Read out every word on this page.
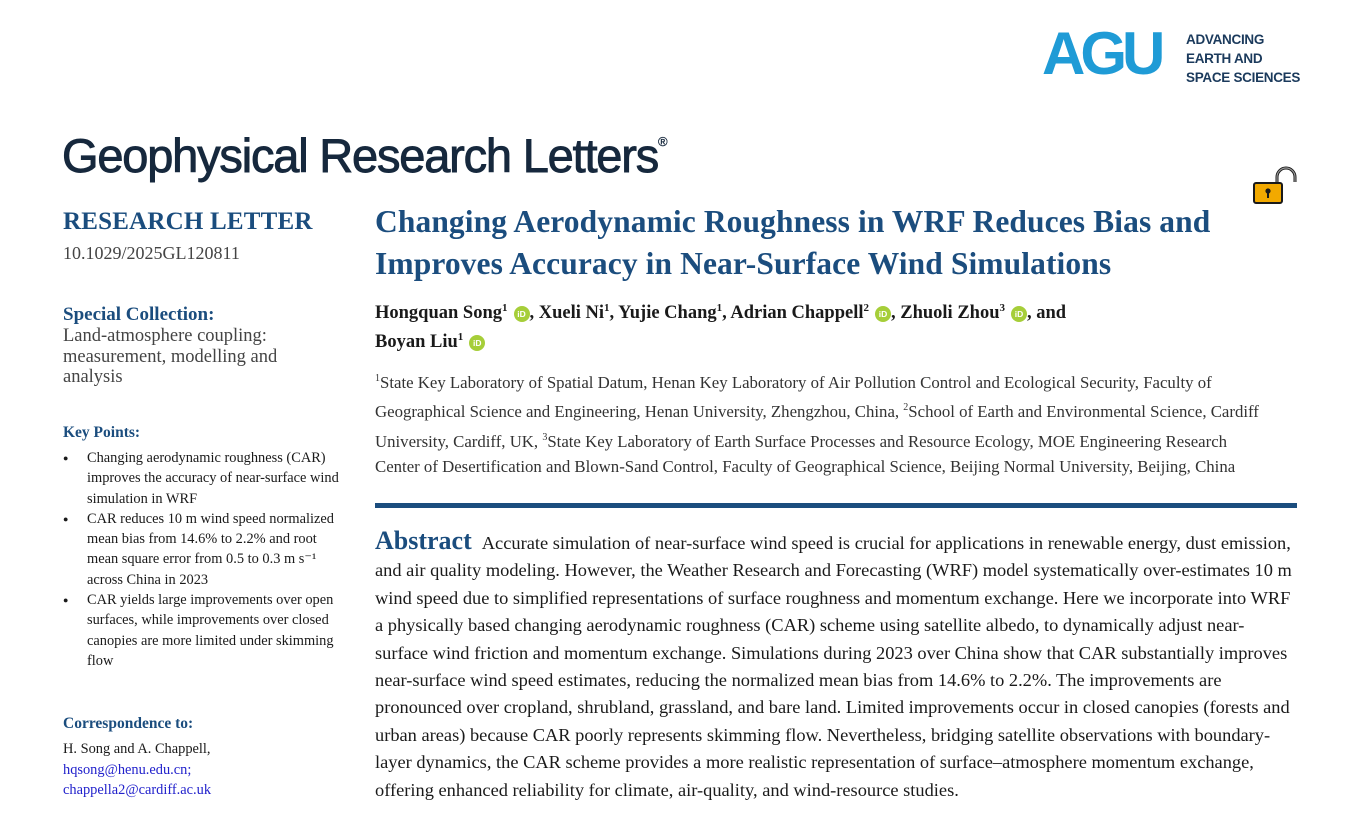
AGU ADVANCING
EARTH AND
SPACE SCIENCES
Geophysical Research Letters®
RESEARCH LETTER
10.1029/2025GL120811
Special Collection:
Land-atmosphere coupling: measurement, modelling and analysis
Key Points:
● Changing aerodynamic roughness (CAR) improves the accuracy of near-surface wind simulation in WRF
● CAR reduces 10 m wind speed normalized mean bias from 14.6% to 2.2% and root mean square error from 0.5 to 0.3 m s⁻¹ across China in 2023
● CAR yields large improvements over open surfaces, while improvements over closed canopies are more limited under skimming flow
Correspondence to:
H. Song and A. Chappell,
hqsong@henu.edu.cn;
chappella2@cardiff.ac.uk
Changing Aerodynamic Roughness in WRF Reduces Bias and Improves Accuracy in Near-Surface Wind Simulations
Hongquan Song$^1$ iD , Xueli Ni$^1$, Yujie Chang$^1$, Adrian Chappell$^2$ iD , Zhuoli Zhou$^3$ iD , and
Boyan Liu$^1$ iD
$^1$State Key Laboratory of Spatial Datum, Henan Key Laboratory of Air Pollution Control and Ecological Security, Faculty of Geographical Science and Engineering, Henan University, Zhengzhou, China, $^2$School of Earth and Environmental Science, Cardiff University, Cardiff, UK, $^3$State Key Laboratory of Earth Surface Processes and Resource Ecology, MOE Engineering Research Center of Desertification and Blown-Sand Control, Faculty of Geographical Science, Beijing Normal University, Beijing, China
Abstract Accurate simulation of near-surface wind speed is crucial for applications in renewable energy, dust emission, and air quality modeling. However, the Weather Research and Forecasting (WRF) model systematically over-estimates 10 m wind speed due to simplified representations of surface roughness and momentum exchange. Here we incorporate into WRF a physically based changing aerodynamic roughness (CAR) scheme using satellite albedo, to dynamically adjust near-surface wind friction and momentum exchange. Simulations during 2023 over China show that CAR substantially improves near-surface wind speed estimates, reducing the normalized mean bias from 14.6% to 2.2%. The improvements are pronounced over cropland, shrubland, grassland, and bare land. Limited improvements occur in closed canopies (forests and urban areas) because CAR poorly represents skimming flow. Nevertheless, bridging satellite observations with boundary-layer dynamics, the CAR scheme provides a more realistic representation of surface–atmosphere momentum exchange, offering enhanced reliability for climate, air-quality, and wind-resource studies.
